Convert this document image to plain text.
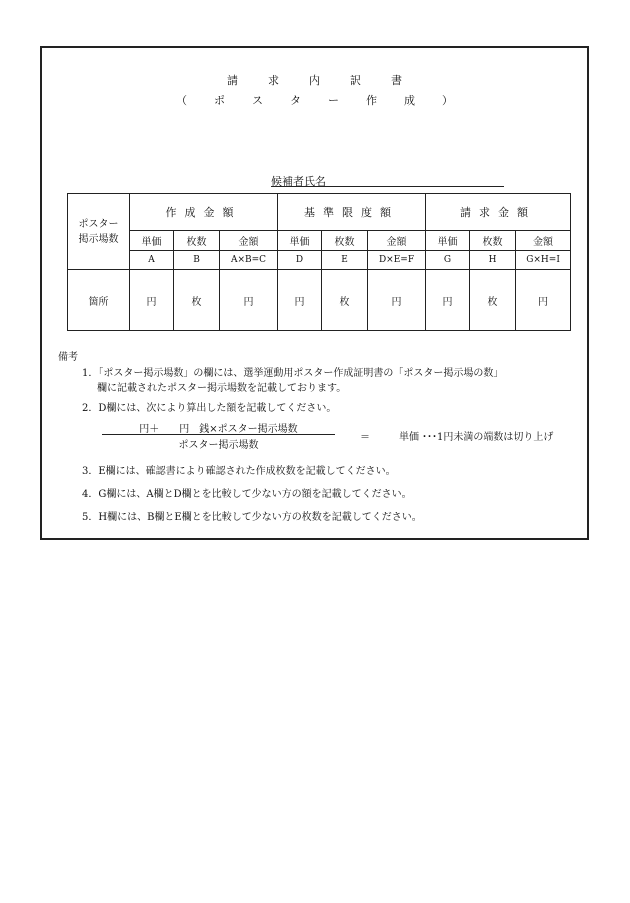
請求内訳書
（ポスター作成）
候補者氏名
ポスター
掲示場数	作成金額			基準限度額			請求金額		
	単価	枚数	金額	単価	枚数	金額	単価	枚数	金額
	A	B	A×B=C	D	E	D×E=F	G	H	G×H=I
箇所	円	枚	円	円	枚	円	円	枚	円
備考
1．「ポスター掲示場数」の欄には、選挙運動用ポスター作成証明書の「ポスター掲示場の数」
欄に記載されたポスター掲示場数を記載しております。
2．D欄には、次により算出した額を記載してください。
円＋　　円　銭×ポスター掲示場数
ポスター掲示場数
＝	単価 ･･･1円未満の端数は切り上げ
3．E欄には、確認書により確認された作成枚数を記載してください。
4．G欄には、A欄とD欄とを比較して少ない方の額を記載してください。
5．H欄には、B欄とE欄とを比較して少ない方の枚数を記載してください。
